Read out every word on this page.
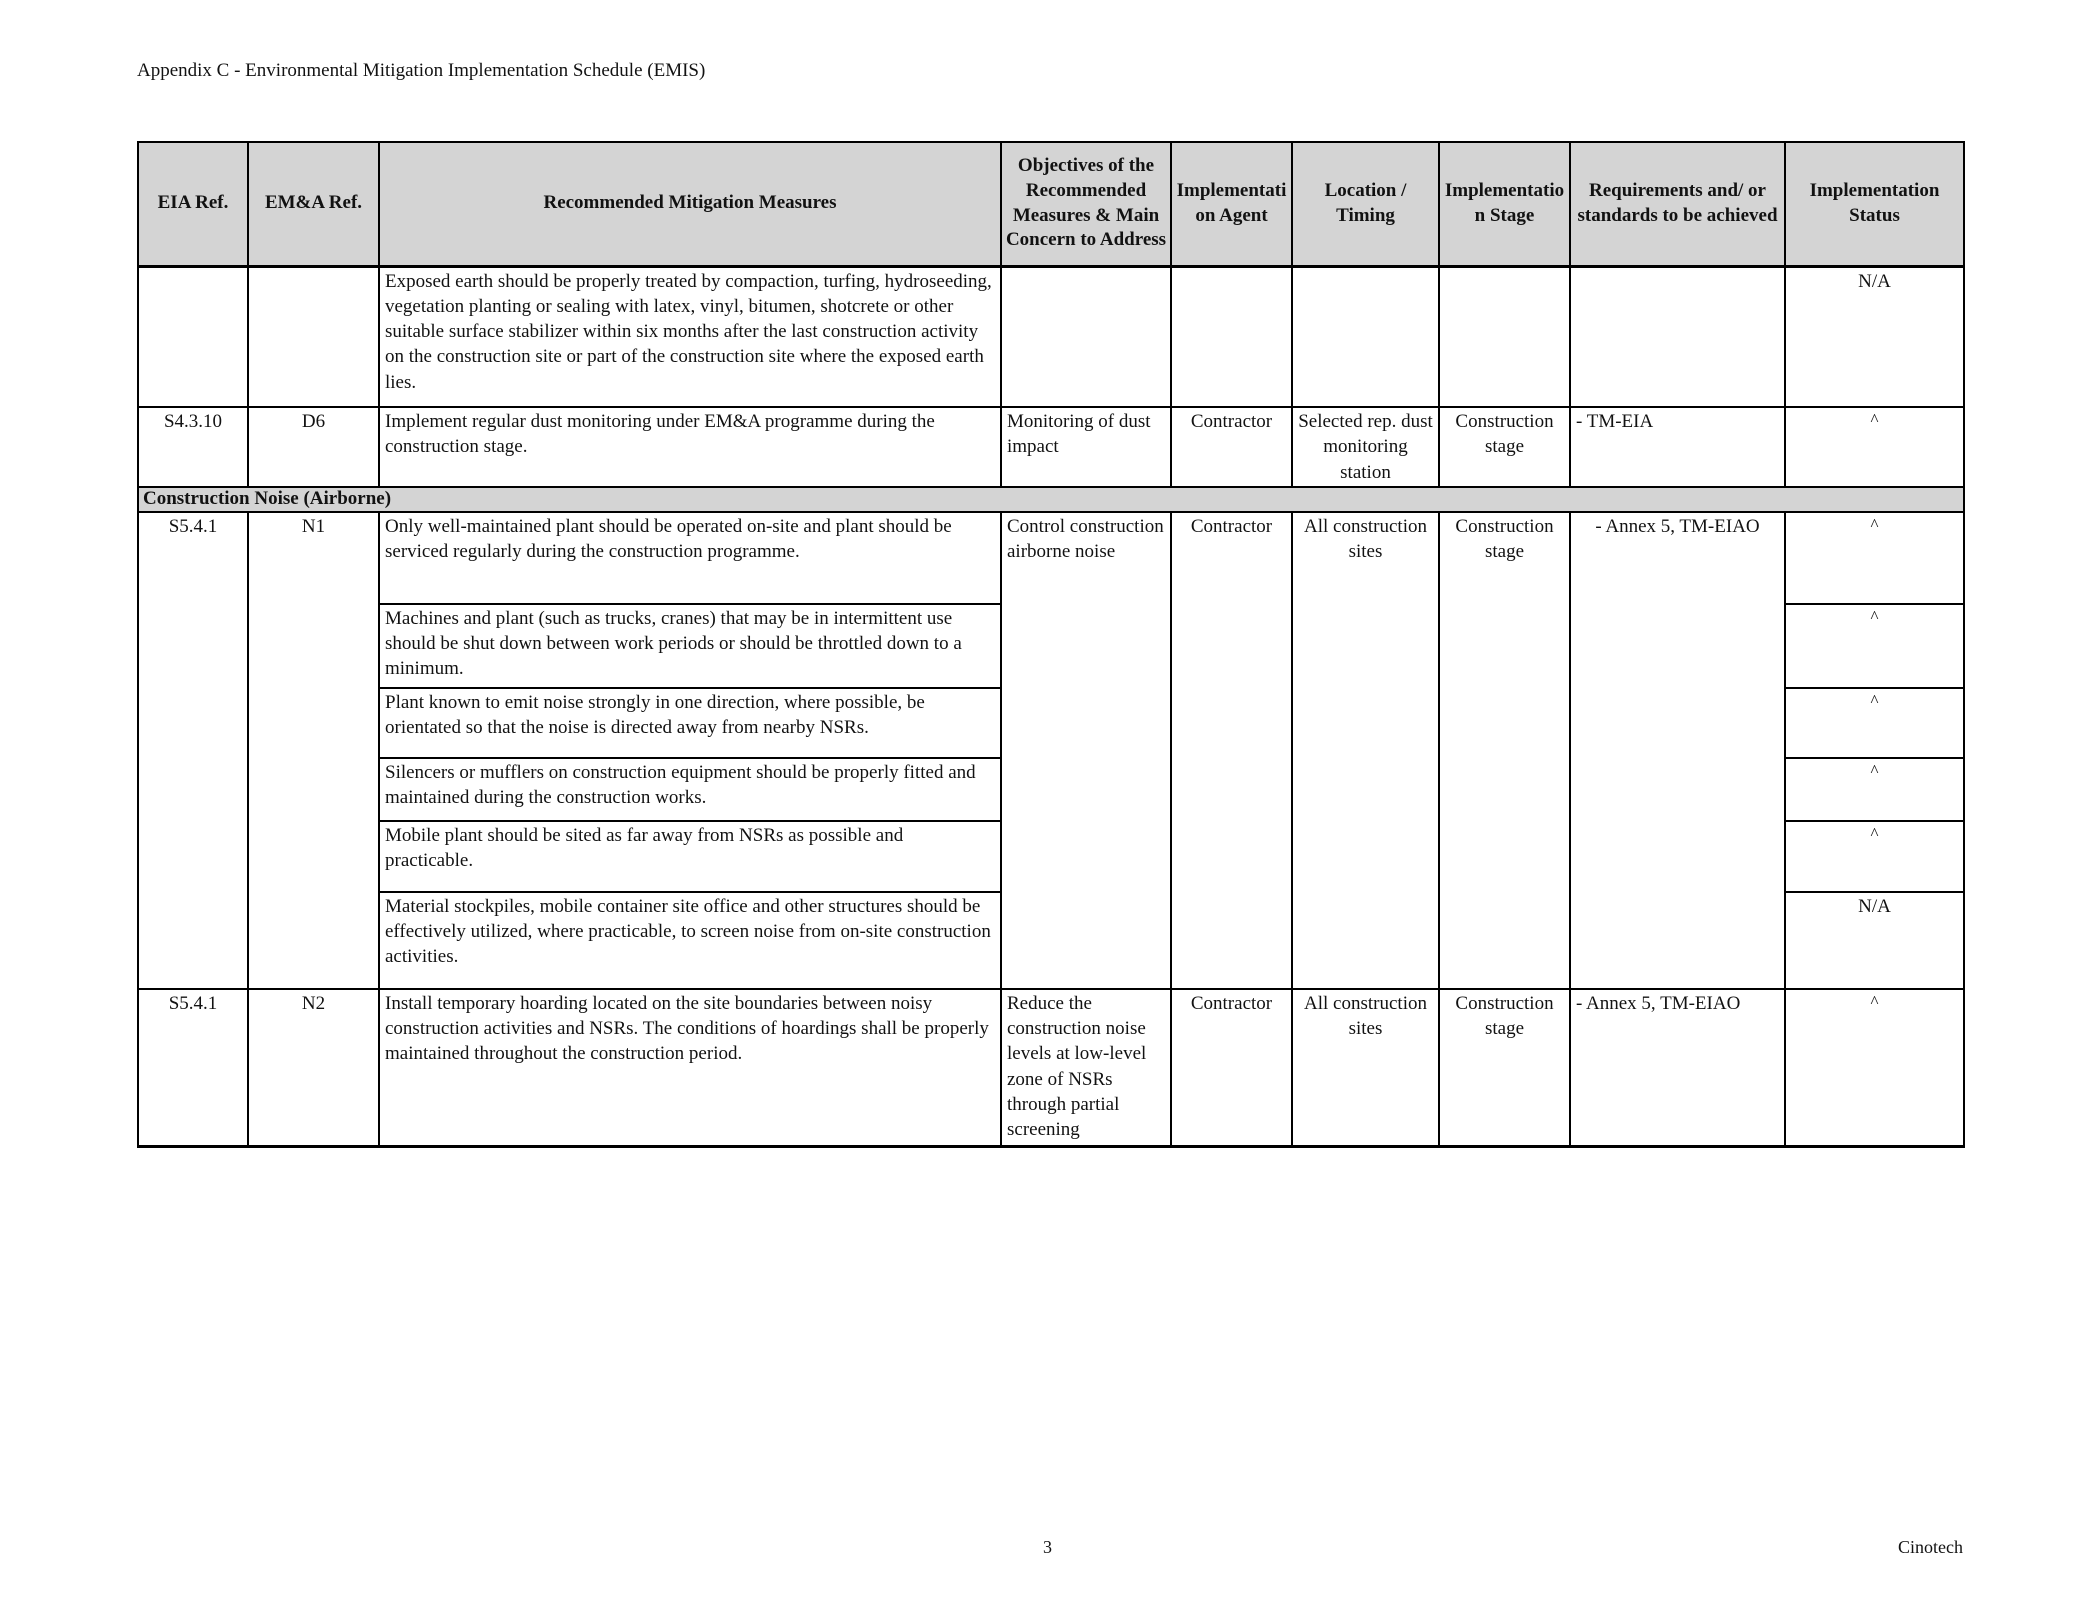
Appendix C - Environmental Mitigation Implementation Schedule (EMIS)
EIA Ref.	EM&A Ref.	Recommended Mitigation Measures	Objectives of the Recommended Measures & Main Concern to Address	Implementation Agent	Location / Timing	Implementation Stage	Requirements and/ or standards to be achieved	Implementation Status
		Exposed earth should be properly treated by compaction, turfing, hydroseeding, vegetation planting or sealing with latex, vinyl, bitumen, shotcrete or other suitable surface stabilizer within six months after the last construction activity on the construction site or part of the construction site where the exposed earth lies.						N/A
S4.3.10	D6	Implement regular dust monitoring under EM&A programme during the construction stage.	Monitoring of dust impact	Contractor	Selected rep. dust monitoring station	Construction stage	- TM-EIA	^
Construction Noise (Airborne)								
S5.4.1	N1	Only well-maintained plant should be operated on-site and plant should be serviced regularly during the construction programme.	Control construction airborne noise	Contractor	All construction sites	Construction stage	- Annex 5, TM-EIAO	^
		Machines and plant (such as trucks, cranes) that may be in intermittent use should be shut down between work periods or should be throttled down to a minimum.						^
		Plant known to emit noise strongly in one direction, where possible, be orientated so that the noise is directed away from nearby NSRs.						^
		Silencers or mufflers on construction equipment should be properly fitted and maintained during the construction works.						^
		Mobile plant should be sited as far away from NSRs as possible and practicable.						^
		Material stockpiles, mobile container site office and other structures should be effectively utilized, where practicable, to screen noise from on-site construction activities.						N/A
S5.4.1	N2	Install temporary hoarding located on the site boundaries between noisy construction activities and NSRs. The conditions of hoardings shall be properly maintained throughout the construction period.	Reduce the construction noise levels at low-level zone of NSRs through partial screening	Contractor	All construction sites	Construction stage	- Annex 5, TM-EIAO	^
3	Cinotech
